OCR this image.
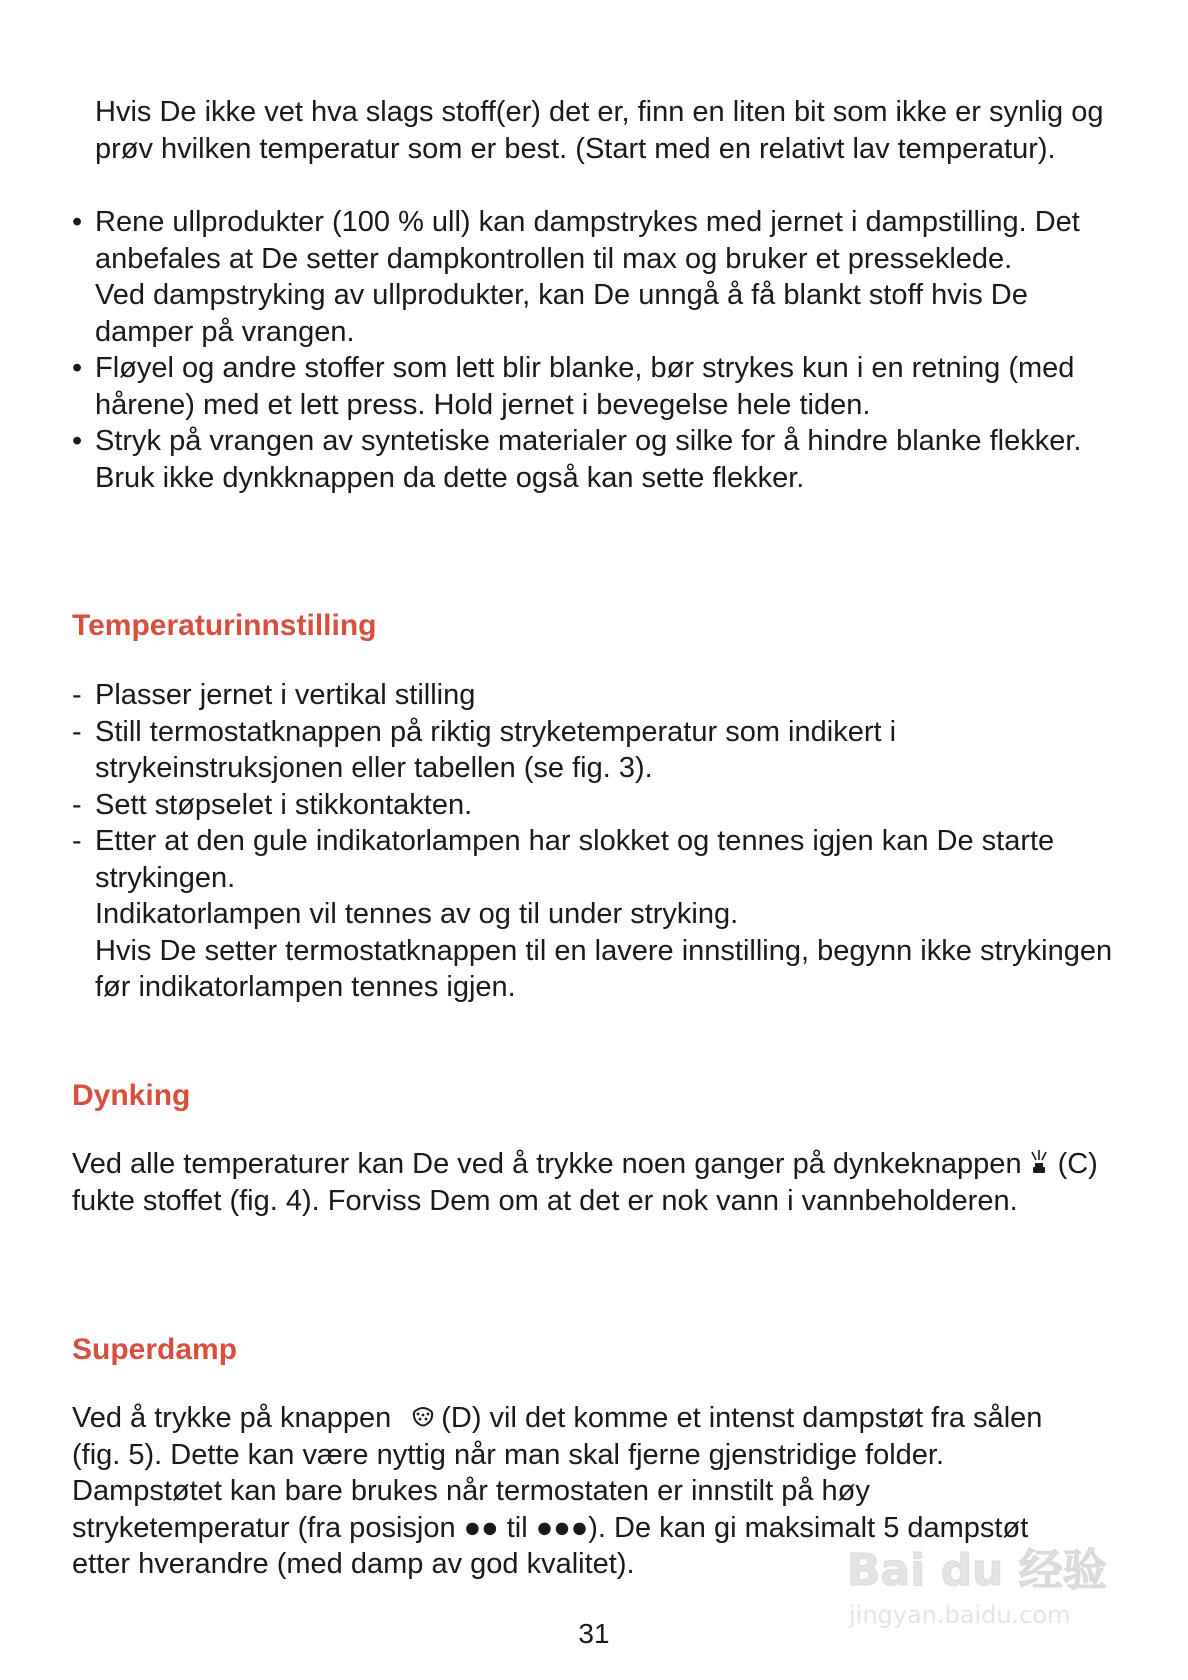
Hvis De ikke vet hva slags stoff(er) det er, finn en liten bit som ikke er synlig og prøv hvilken temperatur som er best. (Start med en relativt lav temperatur).

• Rene ullprodukter (100 % ull) kan dampstrykes med jernet i dampstilling. Det anbefales at De setter dampkontrollen til max og bruker et presseklede.
Ved dampstryking av ullprodukter, kan De unngå å få blankt stoff hvis De damper på vrangen.
• Fløyel og andre stoffer som lett blir blanke, bør strykes kun i en retning (med hårene) med et lett press. Hold jernet i bevegelse hele tiden.
• Stryk på vrangen av syntetiske materialer og silke for å hindre blanke flekker. Bruk ikke dynkknappen da dette også kan sette flekker.
Temperaturinnstilling
- Plasser jernet i vertikal stilling
- Still termostatknappen på riktig stryketemperatur som indikert i strykeinstruksjonen eller tabellen (se fig. 3).
- Sett støpselet i stikkontakten.
- Etter at den gule indikatorlampen har slokket og tennes igjen kan De starte strykingen.
Indikatorlampen vil tennes av og til under stryking.
Hvis De setter termostatknappen til en lavere innstilling, begynn ikke strykingen før indikatorlampen tennes igjen.
Dynking

Ved alle temperaturer kan De ved å trykke noen ganger på dynkeknappen (C) fukte stoffet (fig. 4). Forviss Dem om at det er nok vann i vannbeholderen.

Superdamp

Ved å trykke på knappen (D) vil det komme et intenst dampstøt fra sålen (fig. 5). Dette kan være nyttig når man skal fjerne gjenstridige folder. Dampstøtet kan bare brukes når termostaten er innstilt på høy stryketemperatur (fra posisjon ●● til ●●●). De kan gi maksimalt 5 dampstøt etter hverandre (med damp av god kvalitet).

31
Bai du 经验
jingyan.baidu.com
